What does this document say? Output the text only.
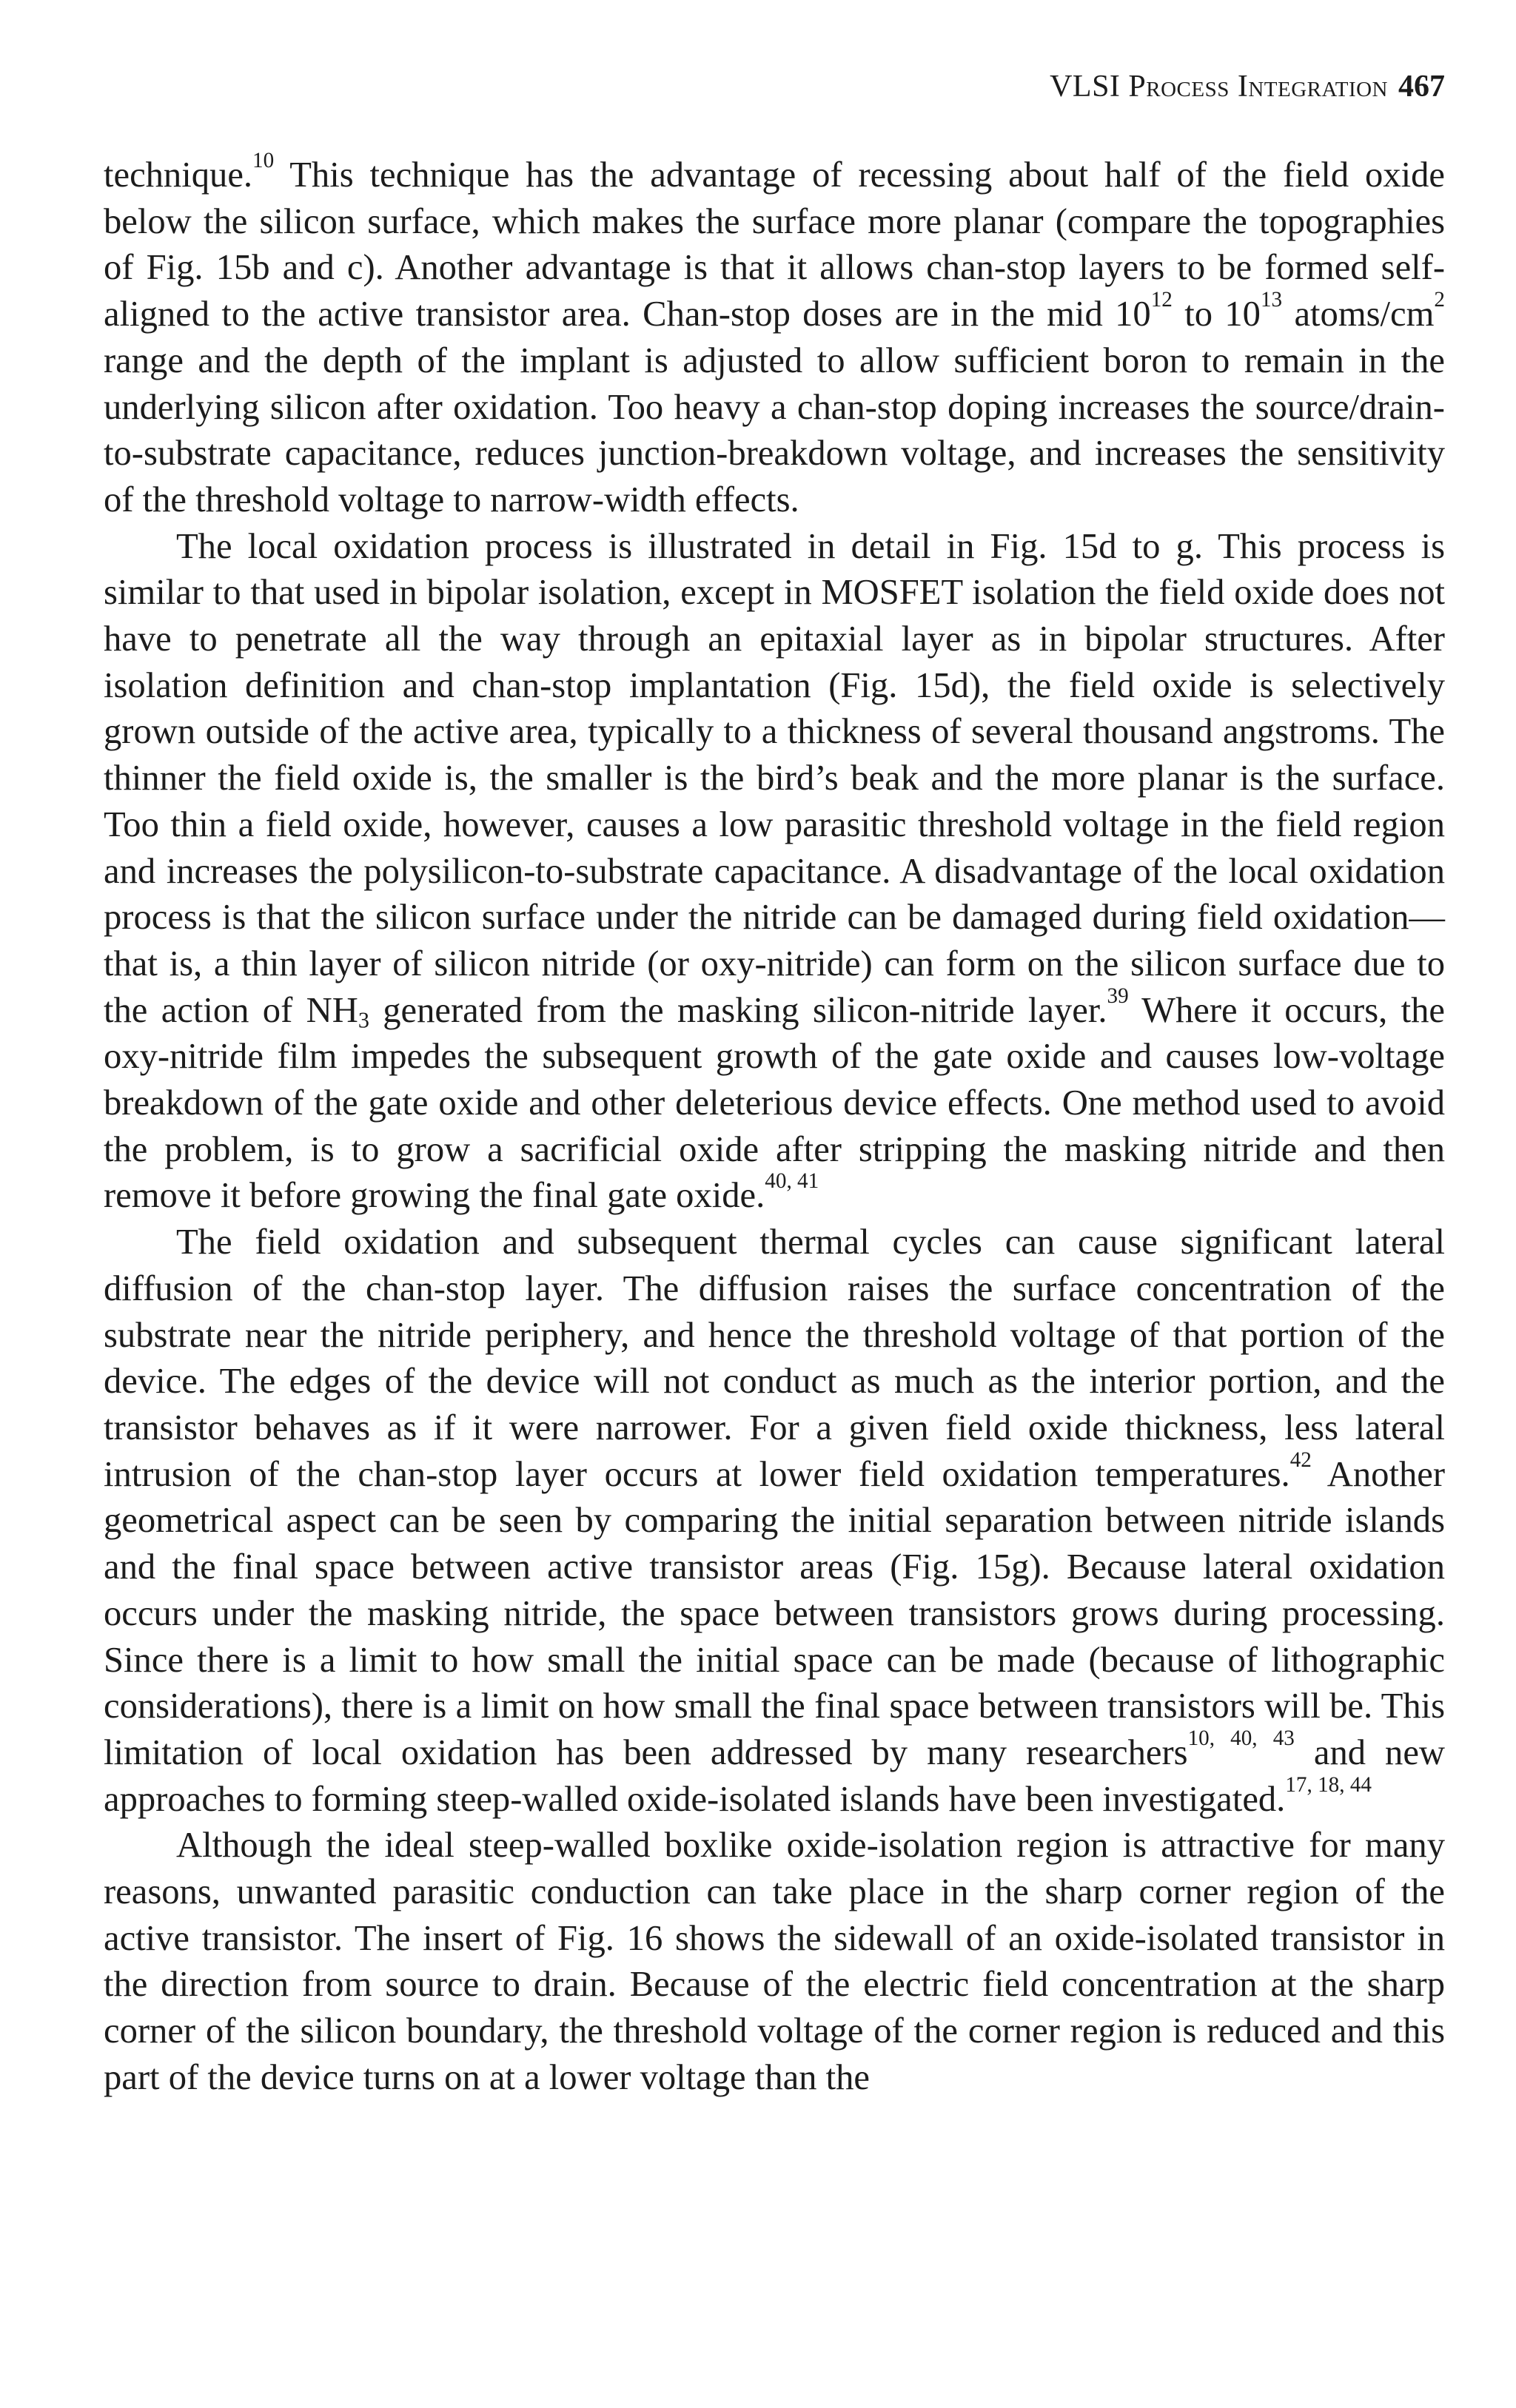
VLSI Process Integration 467

technique.$^{10}$ This technique has the advantage of recessing about half of the field oxide below the silicon surface, which makes the surface more planar (compare the topographies of Fig. 15b and c). Another advantage is that it allows chan-stop layers to be formed self-aligned to the active transistor area. Chan-stop doses are in the mid $10^{12}$ to $10^{13}$ atoms/$cm^2$ range and the depth of the implant is adjusted to allow sufficient boron to remain in the underlying silicon after oxidation. Too heavy a chan-stop doping increases the source/drain-to-substrate capacitance, reduces junction-breakdown voltage, and increases the sensitivity of the threshold voltage to narrow-width effects.

The local oxidation process is illustrated in detail in Fig. 15d to g. This process is similar to that used in bipolar isolation, except in MOSFET isolation the field oxide does not have to penetrate all the way through an epitaxial layer as in bipolar structures. After isolation definition and chan-stop implantation (Fig. 15d), the field oxide is selectively grown outside of the active area, typically to a thickness of several thousand angstroms. The thinner the field oxide is, the smaller is the bird’s beak and the more planar is the surface. Too thin a field oxide, however, causes a low parasitic threshold voltage in the field region and increases the polysilicon-to-substrate capacitance. A disadvantage of the local oxidation process is that the silicon surface under the nitride can be damaged during field oxidation—that is, a thin layer of silicon nitride (or oxy-nitride) can form on the silicon surface due to the action of $NH_3$ generated from the masking silicon-nitride layer.$^{39}$ Where it occurs, the oxy-nitride film impedes the subsequent growth of the gate oxide and causes low-voltage breakdown of the gate oxide and other deleterious device effects. One method used to avoid the problem, is to grow a sacrificial oxide after stripping the masking nitride and then remove it before growing the final gate oxide.$^{40, 41}$

The field oxidation and subsequent thermal cycles can cause significant lateral diffusion of the chan-stop layer. The diffusion raises the surface concentration of the substrate near the nitride periphery, and hence the threshold voltage of that portion of the device. The edges of the device will not conduct as much as the interior portion, and the transistor behaves as if it were narrower. For a given field oxide thickness, less lateral intrusion of the chan-stop layer occurs at lower field oxidation temperatures.$^{42}$ Another geometrical aspect can be seen by comparing the initial separation between nitride islands and the final space between active transistor areas (Fig. 15g). Because lateral oxidation occurs under the masking nitride, the space between transistors grows during processing. Since there is a limit to how small the initial space can be made (because of lithographic considerations), there is a limit on how small the final space between transistors will be. This limitation of local oxidation has been addressed by many researchers$^{10, 40, 43}$ and new approaches to forming steep-walled oxide-isolated islands have been investigated.$^{17, 18, 44}$

Although the ideal steep-walled boxlike oxide-isolation region is attractive for many reasons, unwanted parasitic conduction can take place in the sharp corner region of the active transistor. The insert of Fig. 16 shows the sidewall of an oxide-isolated transistor in the direction from source to drain. Because of the electric field concentration at the sharp corner of the silicon boundary, the threshold voltage of the corner region is reduced and this part of the device turns on at a lower voltage than the
